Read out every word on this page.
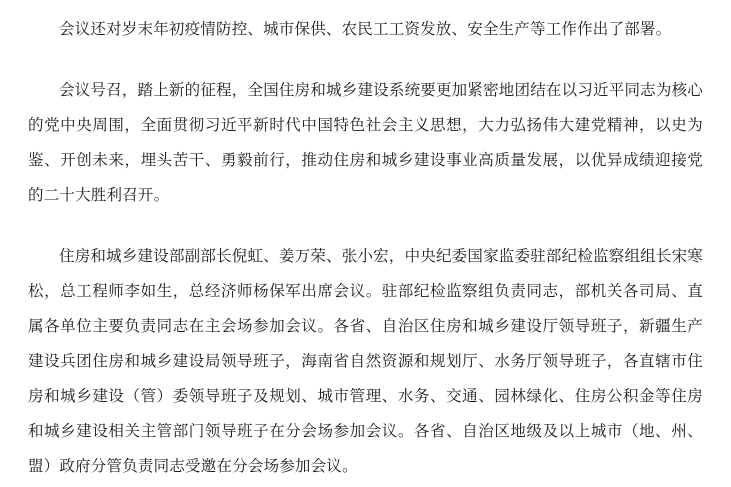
会议还对岁末年初疫情防控、城市保供、农民工工资发放、安全生产等工作作出了部署。

会议号召，踏上新的征程，全国住房和城乡建设系统要更加紧密地团结在以习近平同志为核心的党中央周围，全面贯彻习近平新时代中国特色社会主义思想，大力弘扬伟大建党精神，以史为鉴、开创未来，埋头苦干、勇毅前行，推动住房和城乡建设事业高质量发展，以优异成绩迎接党的二十大胜利召开。

住房和城乡建设部副部长倪虹、姜万荣、张小宏，中央纪委国家监委驻部纪检监察组组长宋寒松，总工程师李如生，总经济师杨保军出席会议。驻部纪检监察组负责同志，部机关各司局、直属各单位主要负责同志在主会场参加会议。各省、自治区住房和城乡建设厅领导班子，新疆生产建设兵团住房和城乡建设局领导班子，海南省自然资源和规划厅、水务厅领导班子，各直辖市住房和城乡建设（管）委领导班子及规划、城市管理、水务、交通、园林绿化、住房公积金等住房和城乡建设相关主管部门领导班子在分会场参加会议。各省、自治区地级及以上城市（地、州、盟）政府分管负责同志受邀在分会场参加会议。
